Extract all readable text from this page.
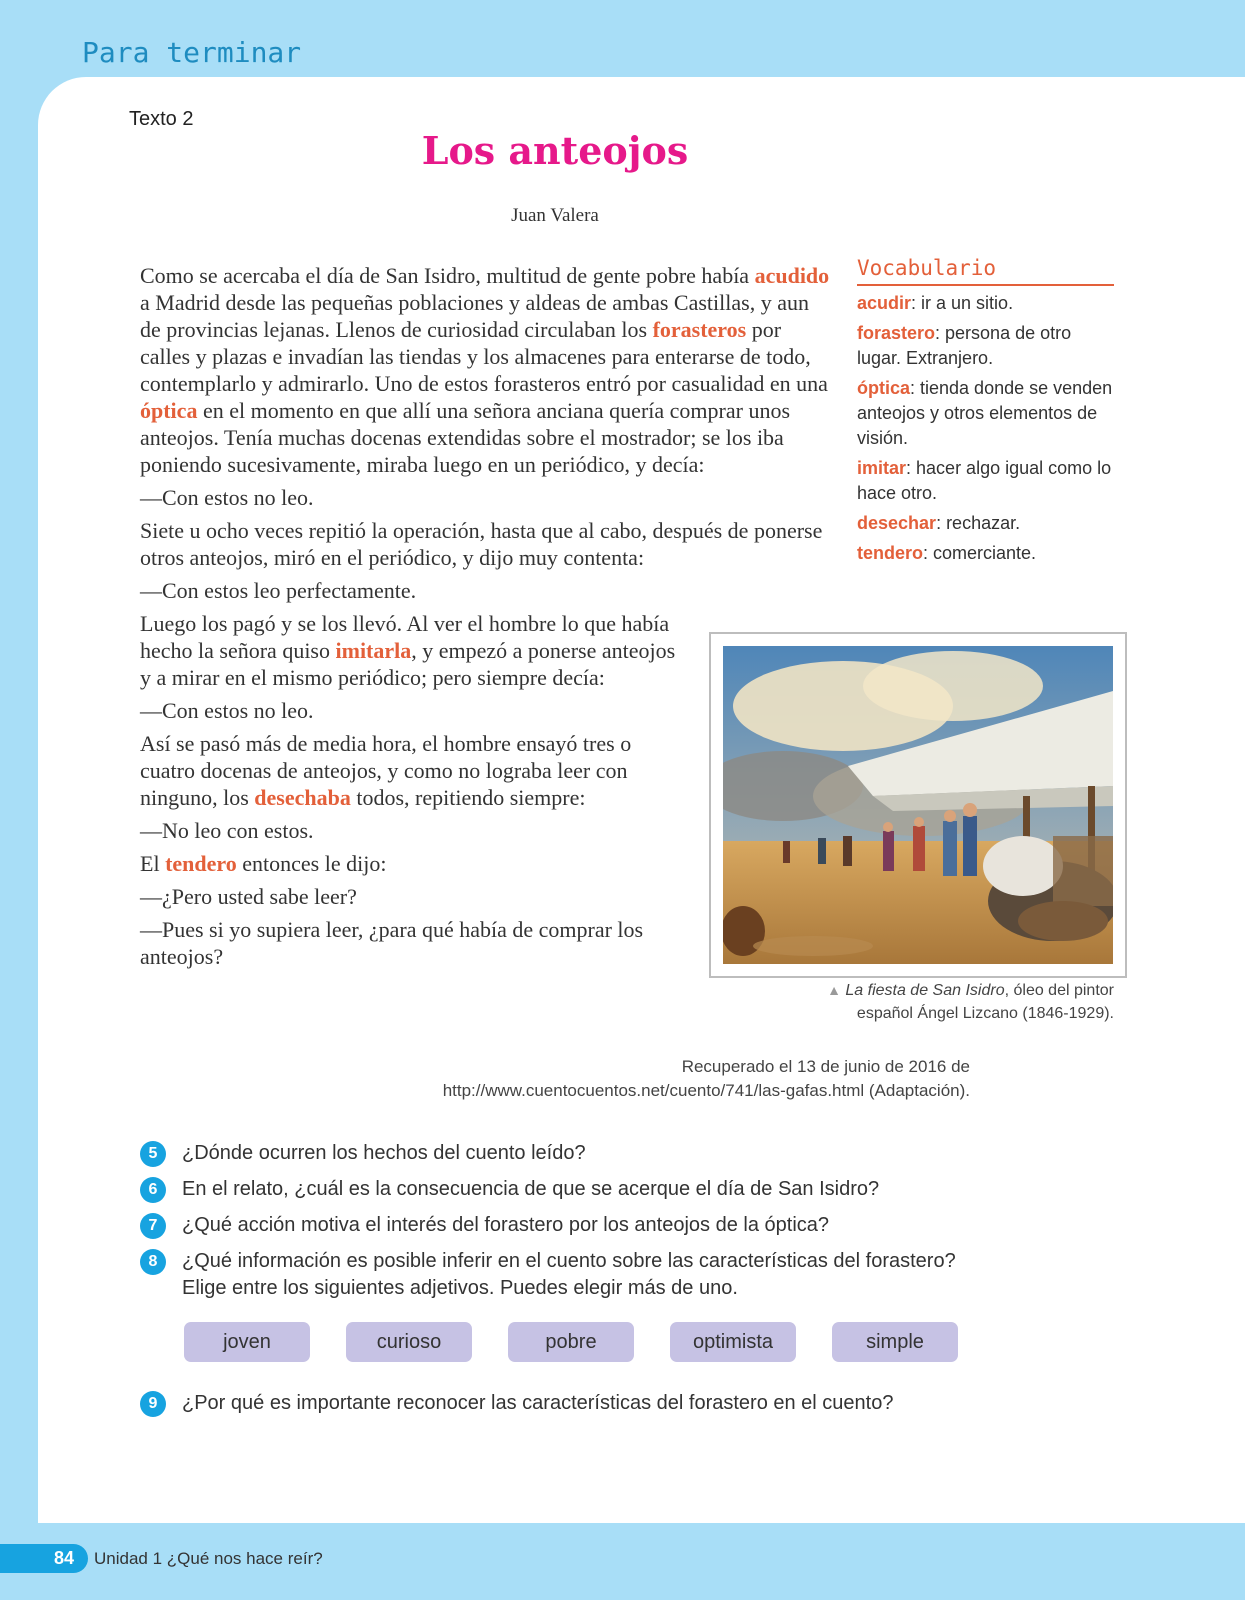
Para terminar
Texto 2
Los anteojos
Juan Valera

Como se acercaba el día de San Isidro, multitud de gente pobre había acudido a Madrid desde las pequeñas poblaciones y aldeas de ambas Castillas, y aun de provincias lejanas. Llenos de curiosidad circulaban los forasteros por calles y plazas e invadían las tiendas y los almacenes para enterarse de todo, contemplarlo y admirarlo. Uno de estos forasteros entró por casualidad en una óptica en el momento en que allí una señora anciana quería comprar unos anteojos. Tenía muchas docenas extendidas sobre el mostrador; se los iba poniendo sucesivamente, miraba luego en un periódico, y decía:

—Con estos no leo.

Siete u ocho veces repitió la operación, hasta que al cabo, después de ponerse otros anteojos, miró en el periódico, y dijo muy contenta:

—Con estos leo perfectamente.

Luego los pagó y se los llevó. Al ver el hombre lo que había hecho la señora quiso imitarla, y empezó a ponerse anteojos y a mirar en el mismo periódico; pero siempre decía:

—Con estos no leo.

Así se pasó más de media hora, el hombre ensayó tres o cuatro docenas de anteojos, y como no lograba leer con ninguno, los desechaba todos, repitiendo siempre:

—No leo con estos.

El tendero entonces le dijo:

—¿Pero usted sabe leer?

—Pues si yo supiera leer, ¿para qué había de comprar los anteojos?

Vocabulario
acudir: ir a un sitio.
forastero: persona de otro lugar. Extranjero.
óptica: tienda donde se venden anteojos y otros elementos de visión.
imitar: hacer algo igual como lo hace otro.
desechar: rechazar.
tendero: comerciante.
▲ La fiesta de San Isidro, óleo del pintor español Ángel Lizcano (1846-1929).
Recuperado el 13 de junio de 2016 de
http://www.cuentocuentos.net/cuento/741/las-gafas.html (Adaptación).
5	¿Dónde ocurren los hechos del cuento leído?
6	En el relato, ¿cuál es la consecuencia de que se acerque el día de San Isidro?
7	¿Qué acción motiva el interés del forastero por los anteojos de la óptica?
8	¿Qué información es posible inferir en el cuento sobre las características del forastero? Elige entre los siguientes adjetivos. Puedes elegir más de uno.
joven	curioso	pobre	optimista	simple
9	¿Por qué es importante reconocer las características del forastero en el cuento?
84	Unidad 1 ¿Qué nos hace reír?
